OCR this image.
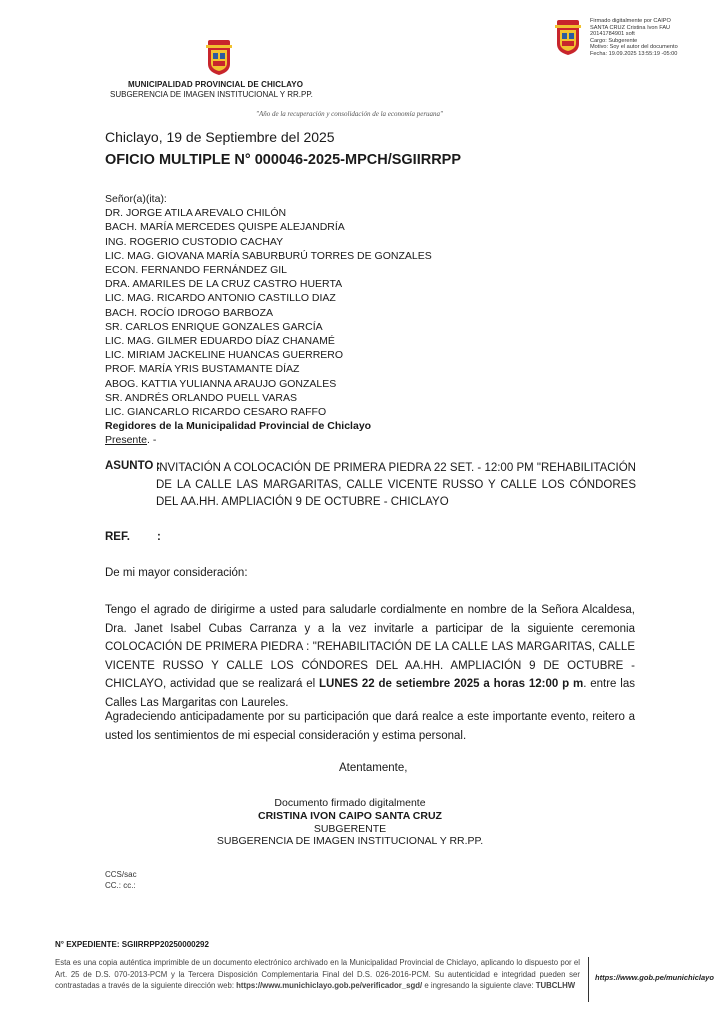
Firmado digitalmente por CAIPO
SANTA CRUZ Cristina Ivon FAU
20141784901 soft
Cargo: Subgerente
Motivo: Soy el autor del documento
Fecha: 19.09.2025 13:55:19 -05:00
MUNICIPALIDAD PROVINCIAL DE CHICLAYO
SUBGERENCIA DE IMAGEN INSTITUCIONAL Y RR.PP.
"Año de la recuperación y consolidación de la economía peruana"
Chiclayo, 19 de Septiembre del 2025
OFICIO MULTIPLE N° 000046-2025-MPCH/SGIIRRPP
Señor(a)(ita):
DR. JORGE ATILA AREVALO CHILÓN
BACH. MARÍA MERCEDES QUISPE ALEJANDRÍA
ING. ROGERIO CUSTODIO CACHAY
LIC. MAG. GIOVANA MARÍA SABURBURÚ TORRES DE GONZALES
ECON. FERNANDO FERNÁNDEZ GIL
DRA. AMARILES DE LA CRUZ CASTRO HUERTA
LIC. MAG. RICARDO ANTONIO CASTILLO DIAZ
BACH. ROCÍO IDROGO BARBOZA
SR. CARLOS ENRIQUE GONZALES GARCÍA
LIC. MAG. GILMER EDUARDO DÍAZ CHANAMÉ
LIC. MIRIAM JACKELINE HUANCAS GUERRERO
PROF. MARÍA YRIS BUSTAMANTE DÍAZ
ABOG. KATTIA YULIANNA ARAUJO GONZALES
SR. ANDRÉS ORLANDO PUELL VARAS
LIC. GIANCARLO RICARDO CESARO RAFFO
Regidores de la Municipalidad Provincial de Chiclayo
Presente. -
ASUNTO :
INVITACIÓN A COLOCACIÓN DE PRIMERA PIEDRA 22 SET. - 12:00 PM "REHABILITACIÓN DE LA CALLE LAS MARGARITAS, CALLE VICENTE RUSSO Y CALLE LOS CÓNDORES DEL AA.HH. AMPLIACIÓN 9 DE OCTUBRE - CHICLAYO
REF. :
De mi mayor consideración:
Tengo el agrado de dirigirme a usted para saludarle cordialmente en nombre de la Señora Alcaldesa, Dra. Janet Isabel Cubas Carranza y a la vez invitarle a participar de la siguiente ceremonia COLOCACIÓN DE PRIMERA PIEDRA : "REHABILITACIÓN DE LA CALLE LAS MARGARITAS, CALLE VICENTE RUSSO Y CALLE LOS CÓNDORES DEL AA.HH. AMPLIACIÓN 9 DE OCTUBRE - CHICLAYO, actividad que se realizará el LUNES 22 de setiembre 2025 a horas 12:00 p m. entre las Calles Las Margaritas con Laureles.
Agradeciendo anticipadamente por su participación que dará realce a este importante evento, reitero a usted los sentimientos de mi especial consideración y estima personal.
Atentamente,
Documento firmado digitalmente
CRISTINA IVON CAIPO SANTA CRUZ
SUBGERENTE
SUBGERENCIA DE IMAGEN INSTITUCIONAL Y RR.PP.
CCS/sac
CC.: cc.:
N° EXPEDIENTE: SGIIRRPP20250000292
Esta es una copia auténtica imprimible de un documento electrónico archivado en la Municipalidad Provincial de Chiclayo, aplicando lo dispuesto por el Art. 25 de D.S. 070-2013-PCM y la Tercera Disposición Complementaria Final del D.S. 026-2016-PCM. Su autenticidad e integridad pueden ser contrastadas a través de la siguiente dirección web: https://www.munichiclayo.gob.pe/verificador_sgd/ e ingresando la siguiente clave: TUBCLHW
https://www.gob.pe/munichiclayo
